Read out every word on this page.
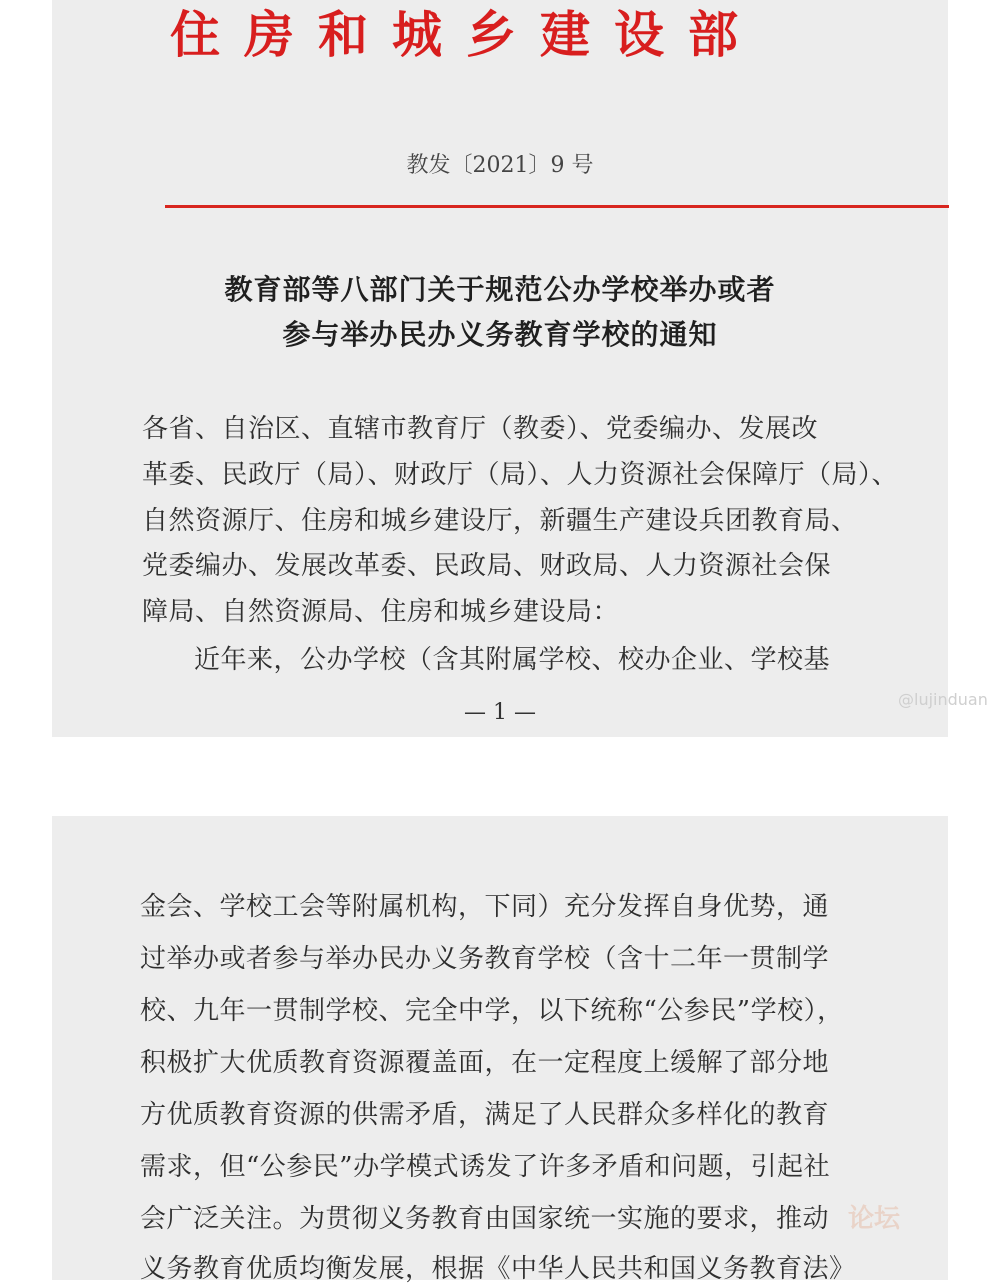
住房和城乡建设部
教发〔2021〕9 号
教育部等八部门关于规范公办学校举办或者
参与举办民办义务教育学校的通知
各省、自治区、直辖市教育厅（教委）、党委编办、发展改
革委、民政厅（局）、财政厅（局）、人力资源社会保障厅（局）、
自然资源厅、住房和城乡建设厅，新疆生产建设兵团教育局、
党委编办、发展改革委、民政局、财政局、人力资源社会保
障局、自然资源局、住房和城乡建设局：
近年来，公办学校（含其附属学校、校办企业、学校基
— 1 —
@lujinduan
金会、学校工会等附属机构，下同）充分发挥自身优势，通
过举办或者参与举办民办义务教育学校（含十二年一贯制学
校、九年一贯制学校、完全中学，以下统称“公参民”学校），
积极扩大优质教育资源覆盖面，在一定程度上缓解了部分地
方优质教育资源的供需矛盾，满足了人民群众多样化的教育
需求，但“公参民”办学模式诱发了许多矛盾和问题，引起社
会广泛关注。为贯彻义务教育由国家统一实施的要求，推动
义务教育优质均衡发展，根据《中华人民共和国义务教育法》
论坛
